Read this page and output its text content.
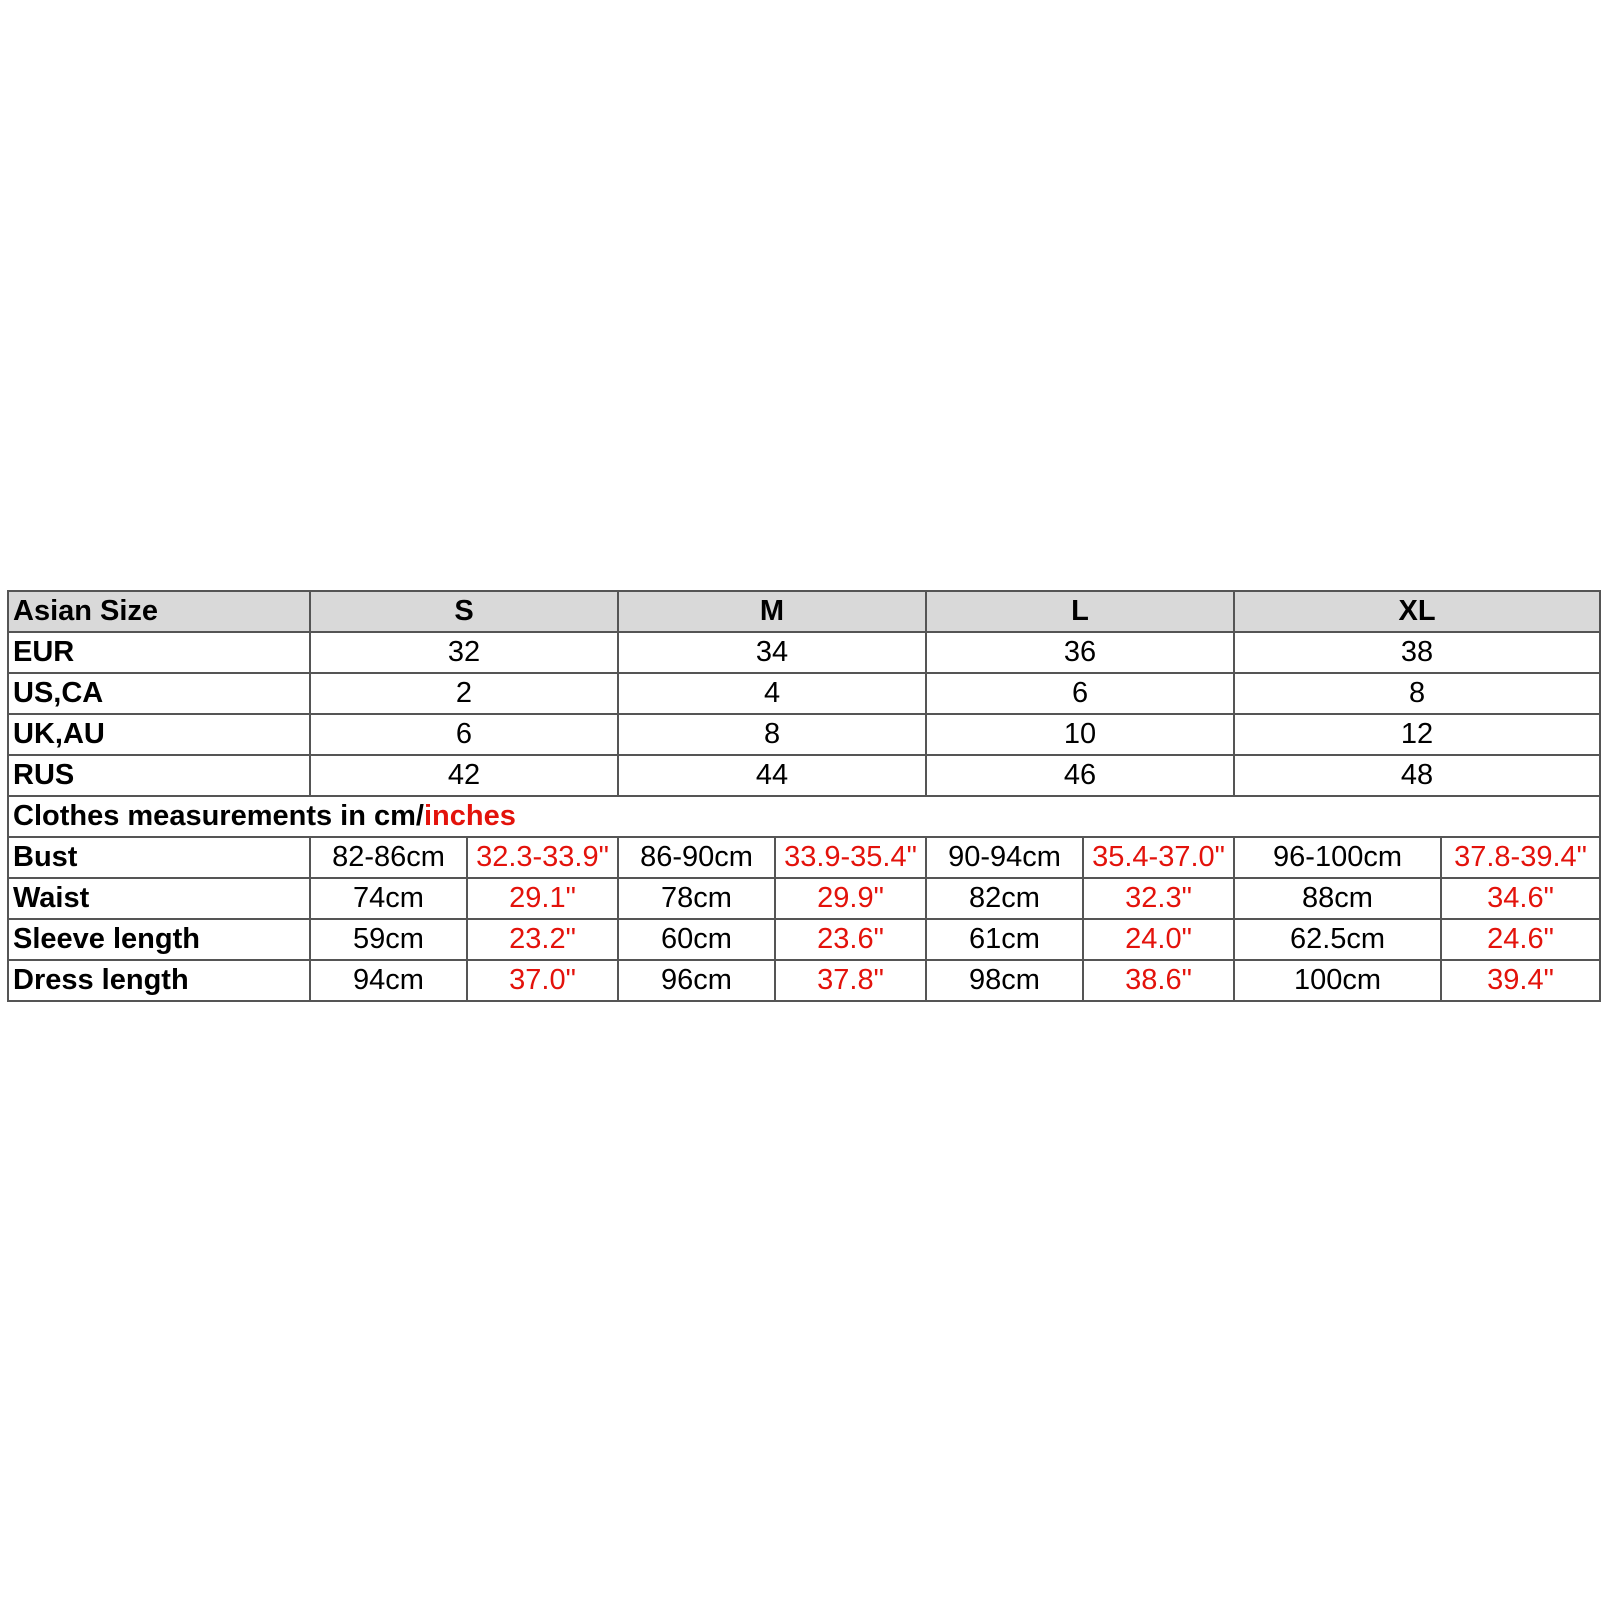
Asian Size	S		M		L		XL	
EUR	32		34		36		38	
US,CA	2		4		6		8	
UK,AU	6		8		10		12	
RUS	42		44		46		48	
Clothes measurements in cm/inches								
Bust	82-86cm	32.3-33.9"	86-90cm	33.9-35.4"	90-94cm	35.4-37.0"	96-100cm	37.8-39.4"
Waist	74cm	29.1"	78cm	29.9"	82cm	32.3"	88cm	34.6"
Sleeve length	59cm	23.2"	60cm	23.6"	61cm	24.0"	62.5cm	24.6"
Dress length	94cm	37.0"	96cm	37.8"	98cm	38.6"	100cm	39.4"
